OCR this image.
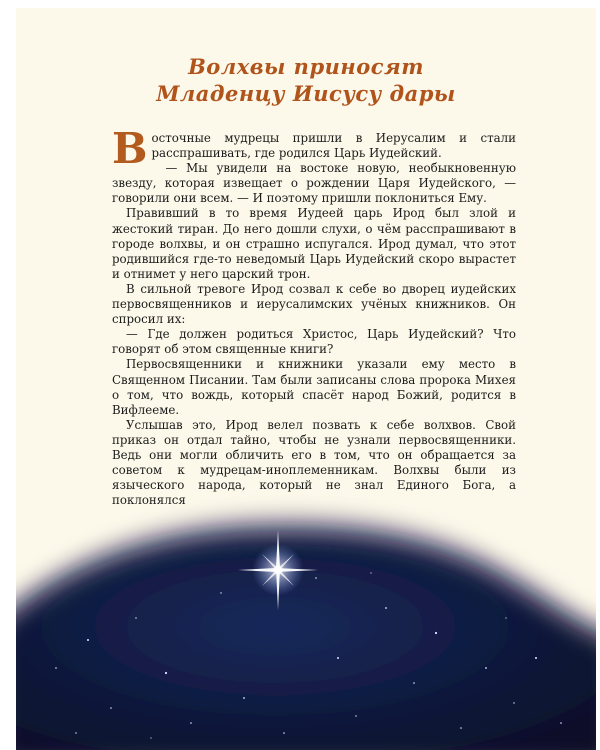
Волхвы приносят
Младенцу Иисусу дары

Восточные мудрецы пришли в Иерусалим и стали расспрашивать, где родился Царь Иудейский.

— Мы увидели на востоке новую, необыкновенную звезду, которая извещает о рождении Царя Иудейского, — говорили они всем. — И поэтому пришли поклониться Ему.

Правивший в то время Иудеей царь Ирод был злой и жестокий тиран. До него дошли слухи, о чём расспрашивают в городе волхвы, и он страшно испугался. Ирод думал, что этот родившийся где-то неведомый Царь Иудейский скоро вырастет и отнимет у него царский трон.

В сильной тревоге Ирод созвал к себе во дворец иудейских первосвященников и иерусалимских учёных книжников. Он спросил их:

— Где должен родиться Христос, Царь Иудейский? Что говорят об этом священные книги?

Первосвященники и книжники указали ему место в Священном Писании. Там были записаны слова пророка Михея о том, что вождь, который спасёт народ Божий, родится в Вифлееме.

Услышав это, Ирод велел позвать к себе волхвов. Свой приказ он отдал тайно, чтобы не узнали первосвященники. Ведь они могли обличить его в том, что он обращается за советом к мудрецам-иноплеменникам. Волхвы были из языческого народа, который не знал Единого Бога, а поклонялся
